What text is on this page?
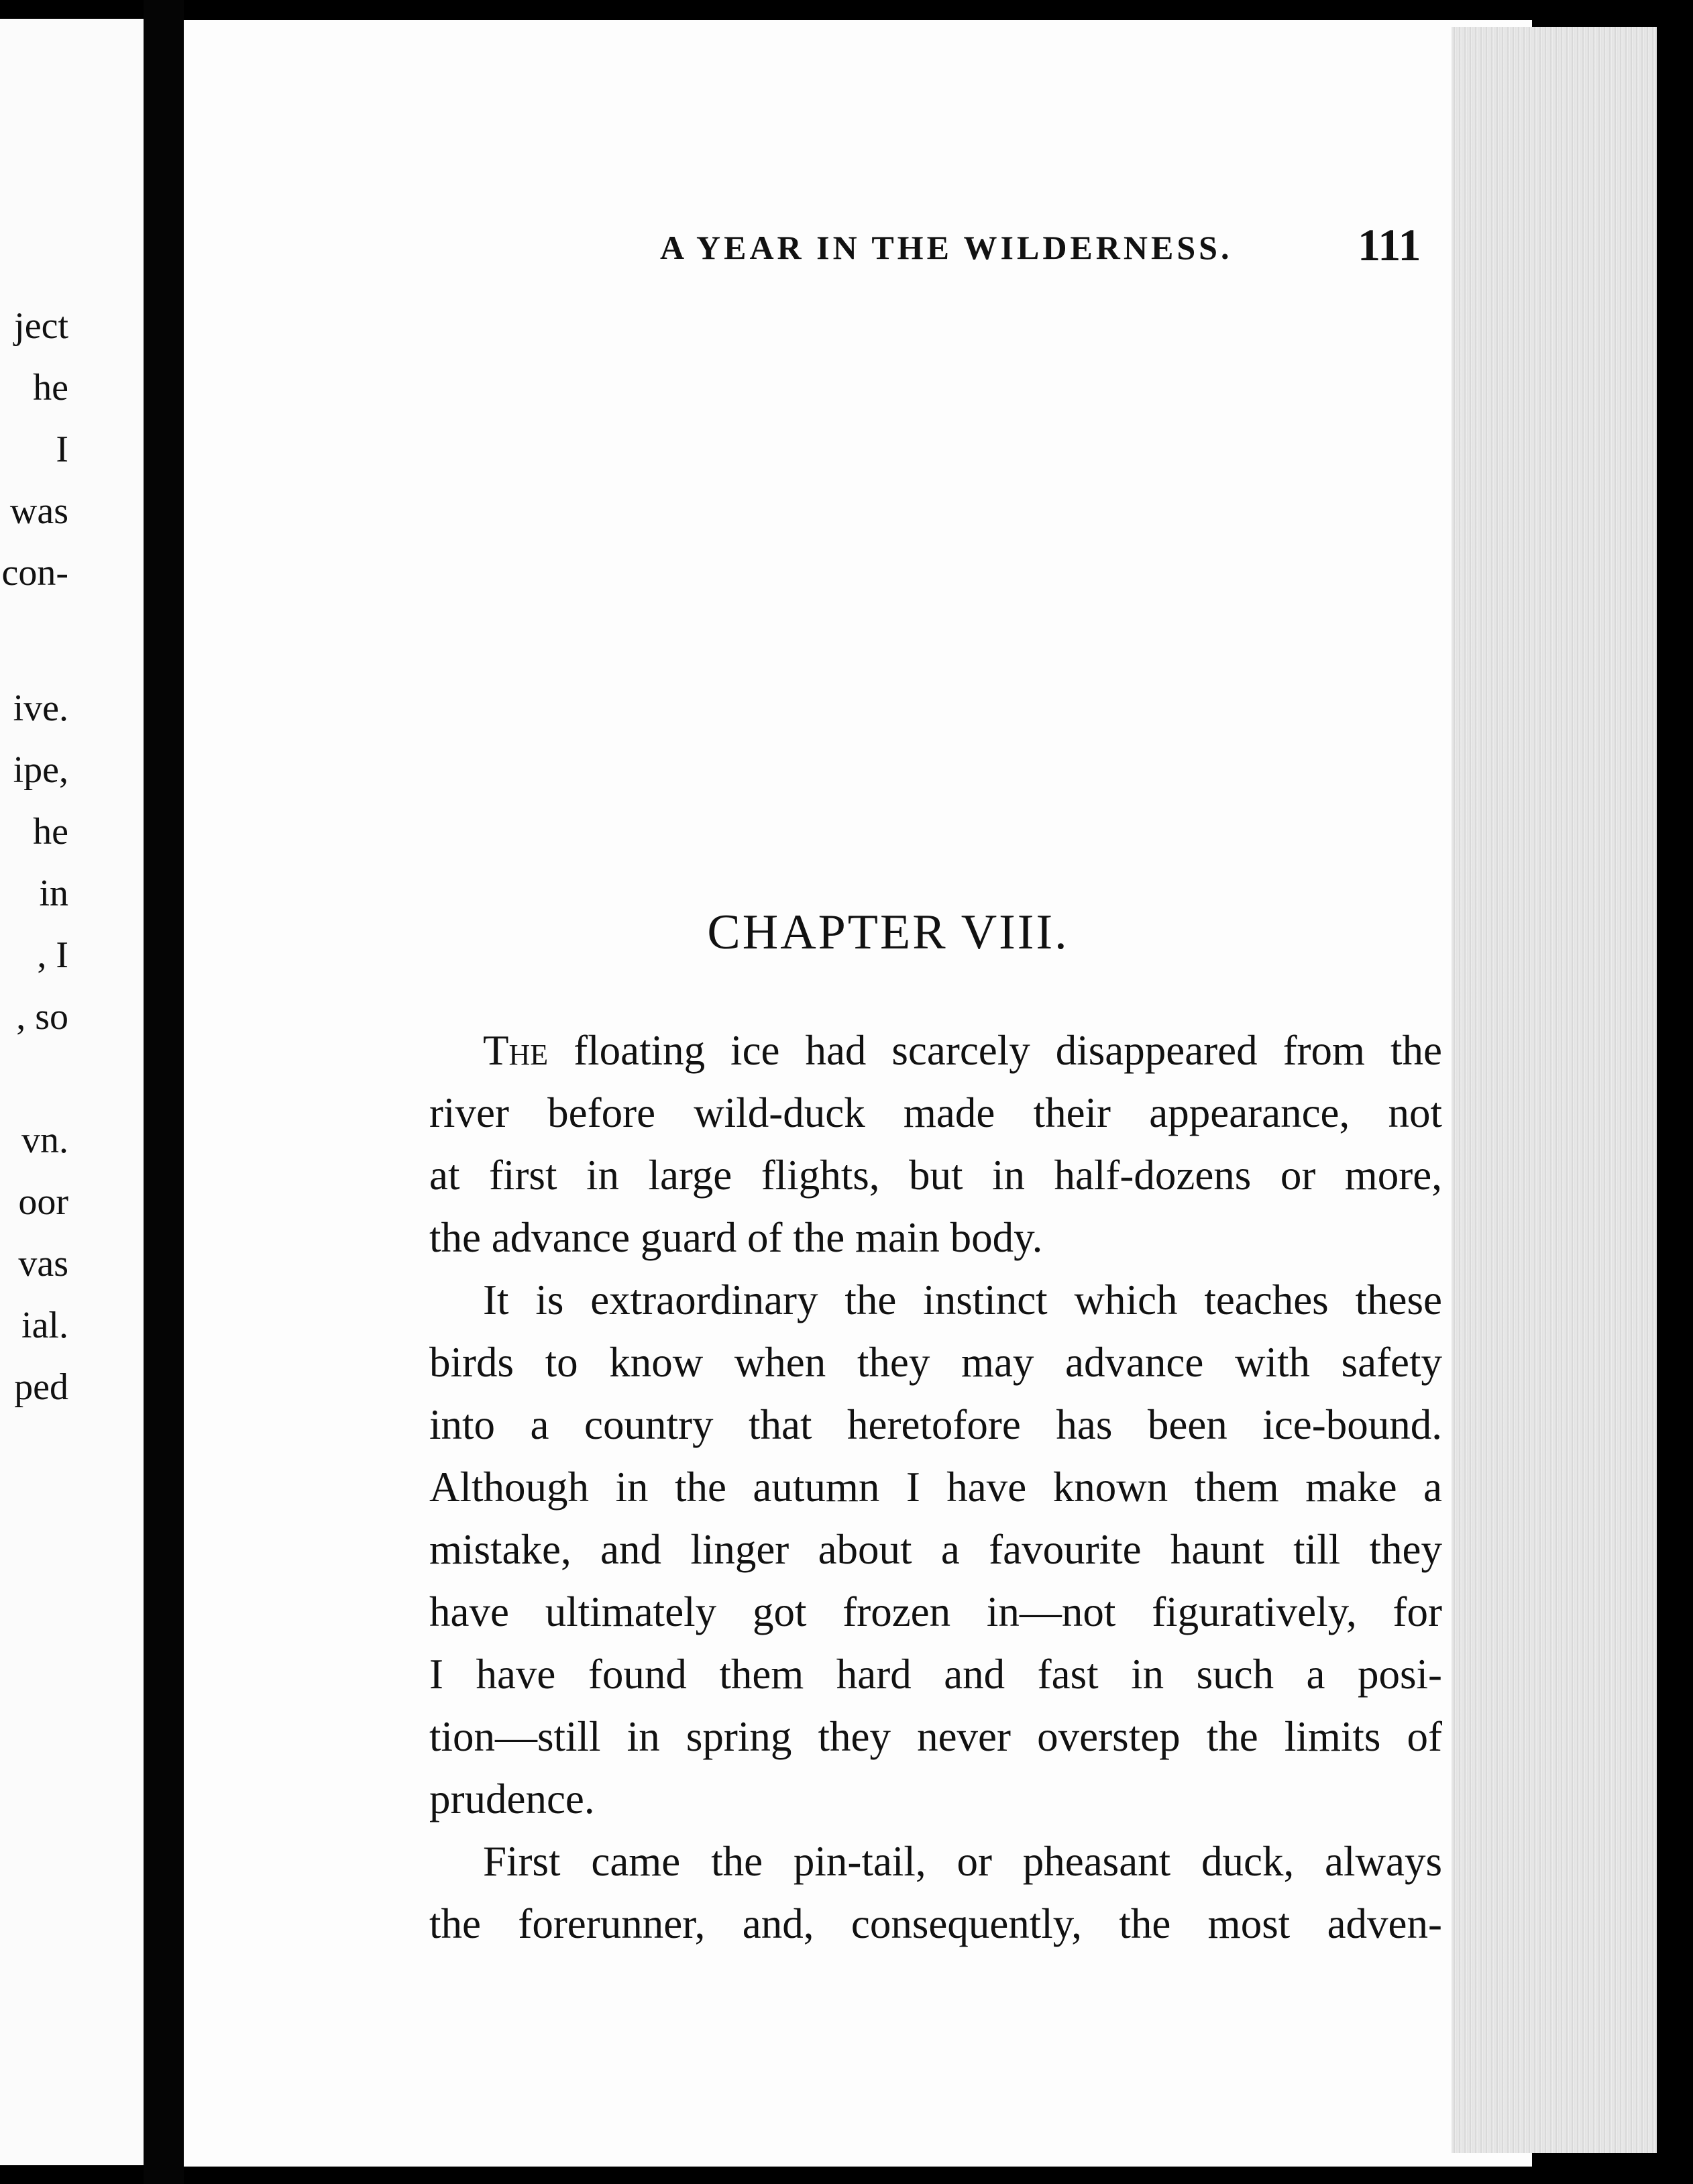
ject
he
I
was
con-
ive.
ipe,
he
in
, I
, so
vn.
oor
vas
ial.
ped
A YEAR IN THE WILDERNESS.	111
CHAPTER VIII.

The floating ice had scarcely disappeared from the
river before wild-duck made their appearance, not
at first in large flights, but in half-dozens or more,
the advance guard of the main body.

It is extraordinary the instinct which teaches these
birds to know when they may advance with safety
into a country that heretofore has been ice-bound.
Although in the autumn I have known them make a
mistake, and linger about a favourite haunt till they
have ultimately got frozen in—not figuratively, for
I have found them hard and fast in such a posi-
tion—still in spring they never overstep the limits of
prudence.

First came the pin-tail, or pheasant duck, always
the forerunner, and, consequently, the most adven-
